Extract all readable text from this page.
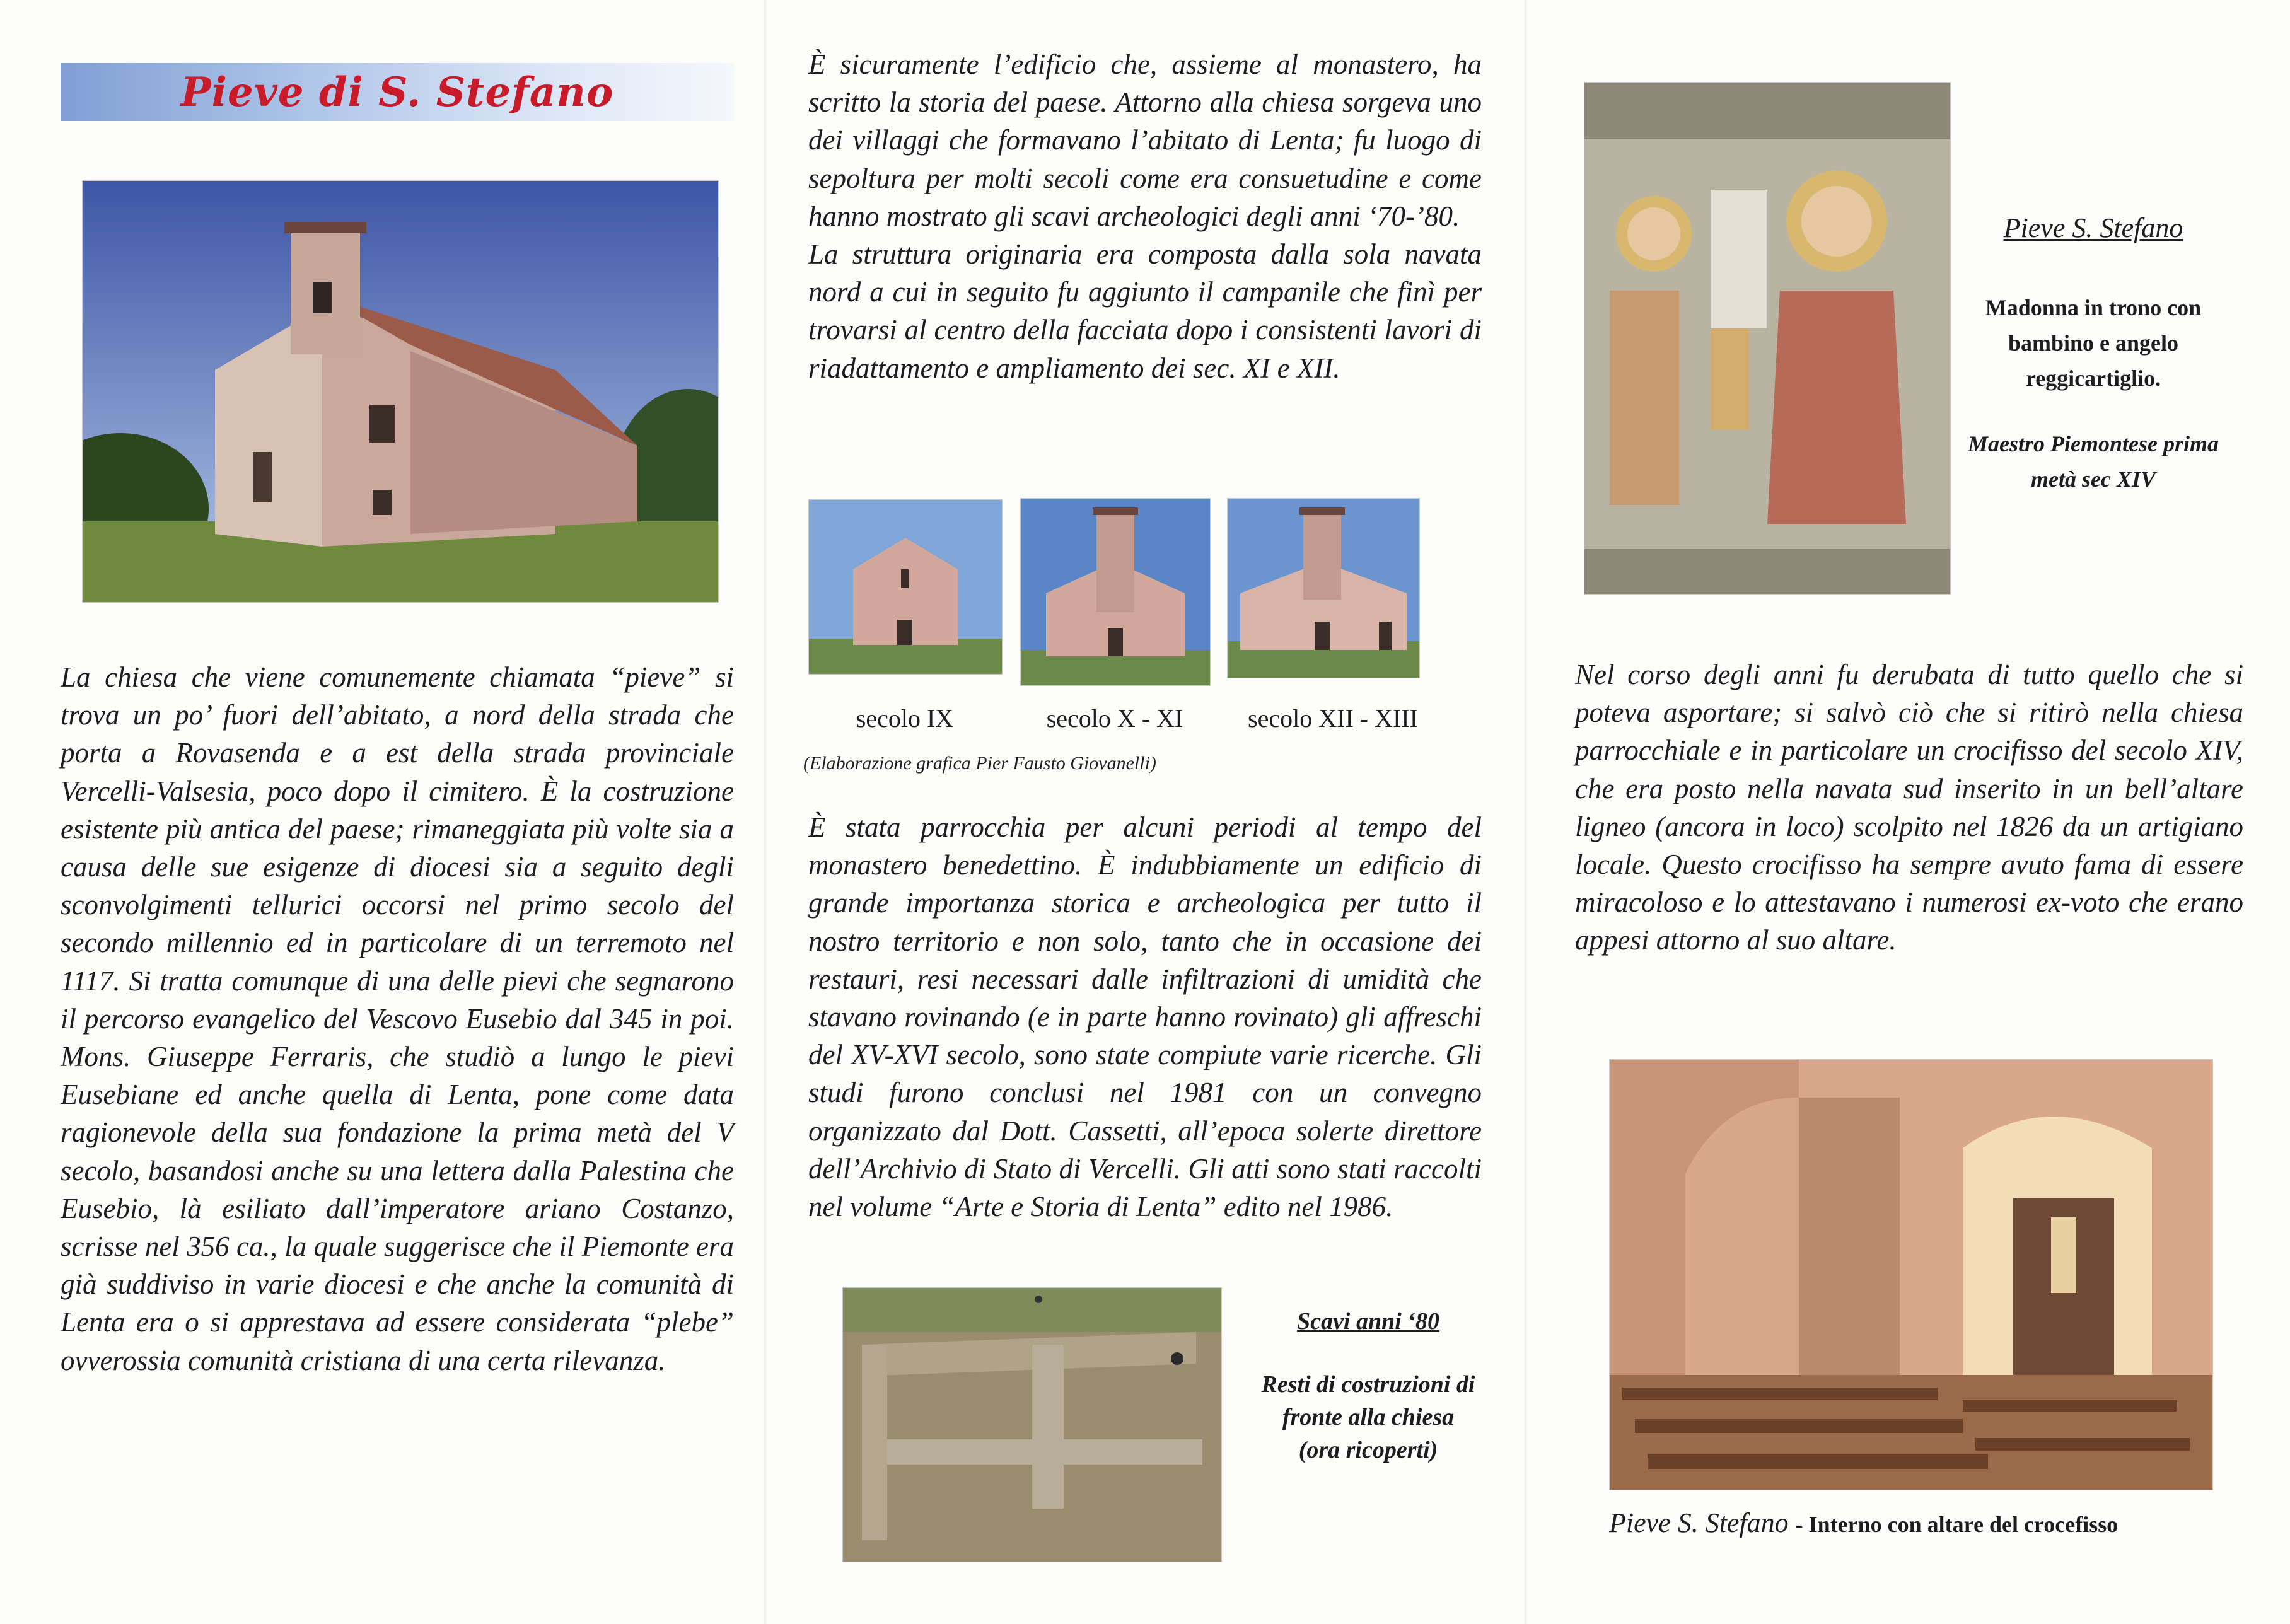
Pieve di S. Stefano
La chiesa che viene comunemente chiamata “pieve” si trova un po’ fuori dell’abitato, a nord della strada che porta a Rovasenda e a est della strada provinciale Vercelli-Valsesia, poco dopo il cimitero. È la costruzione esistente più antica del paese; rimaneggiata più volte sia a causa delle sue esigenze di diocesi sia a seguito degli sconvolgimenti tellurici occorsi nel primo secolo del secondo millennio ed in particolare di un terremoto nel 1117. Si tratta comunque di una delle pievi che segnarono il percorso evangelico del Vescovo Eusebio dal 345 in poi. Mons. Giuseppe Ferraris, che studiò a lungo le pievi Eusebiane ed anche quella di Lenta, pone come data ragionevole della sua fondazione la prima metà del V secolo, basandosi anche su una lettera dalla Palestina che Eusebio, là esiliato dall’imperatore ariano Costanzo, scrisse nel 356 ca., la quale suggerisce che il Piemonte era già suddiviso in varie diocesi e che anche la comunità di Lenta era o si apprestava ad essere considerata “plebe” ovverossia comunità cristiana di una certa rilevanza.
È sicuramente l’edificio che, assieme al monastero, ha scritto la storia del paese. Attorno alla chiesa sorgeva uno dei villaggi che formavano l’abitato di Lenta; fu luogo di sepoltura per molti secoli come era consuetudine e come hanno mostrato gli scavi archeologici degli anni ‘70-’80.
La struttura originaria era composta dalla sola navata nord a cui in seguito fu aggiunto il campanile che finì per trovarsi al centro della facciata dopo i consistenti lavori di riadattamento e ampliamento dei sec. XI e XII.
secolo IX	secolo X - XI	secolo XII - XIII
(Elaborazione grafica Pier Fausto Giovanelli)
È stata parrocchia per alcuni periodi al tempo del monastero benedettino. È indubbiamente un edificio di grande importanza storica e archeologica per tutto il nostro territorio e non solo, tanto che in occasione dei restauri, resi necessari dalle infiltrazioni di umidità che stavano rovinando (e in parte hanno rovinato) gli affreschi del XV-XVI secolo, sono state compiute varie ricerche. Gli studi furono conclusi nel 1981 con un convegno organizzato dal Dott. Cassetti, all’epoca solerte direttore dell’Archivio di Stato di Vercelli. Gli atti sono stati raccolti nel volume “Arte e Storia di Lenta” edito nel 1986.
Scavi anni ‘80
Resti di costruzioni di fronte alla chiesa (ora ricoperti)
Pieve S. Stefano
Madonna in trono con bambino e angelo reggicartiglio.
Maestro Piemontese prima metà sec XIV
Nel corso degli anni fu derubata di tutto quello che si poteva asportare; si salvò ciò che si ritirò nella chiesa parrocchiale e in particolare un crocifisso del secolo XIV, che era posto nella navata sud inserito in un bell’altare ligneo (ancora in loco) scolpito nel 1826 da un artigiano locale. Questo crocifisso ha sempre avuto fama di essere miracoloso e lo attestavano i numerosi ex-voto che erano appesi attorno al suo altare.
Pieve S. Stefano - Interno con altare del crocefisso
